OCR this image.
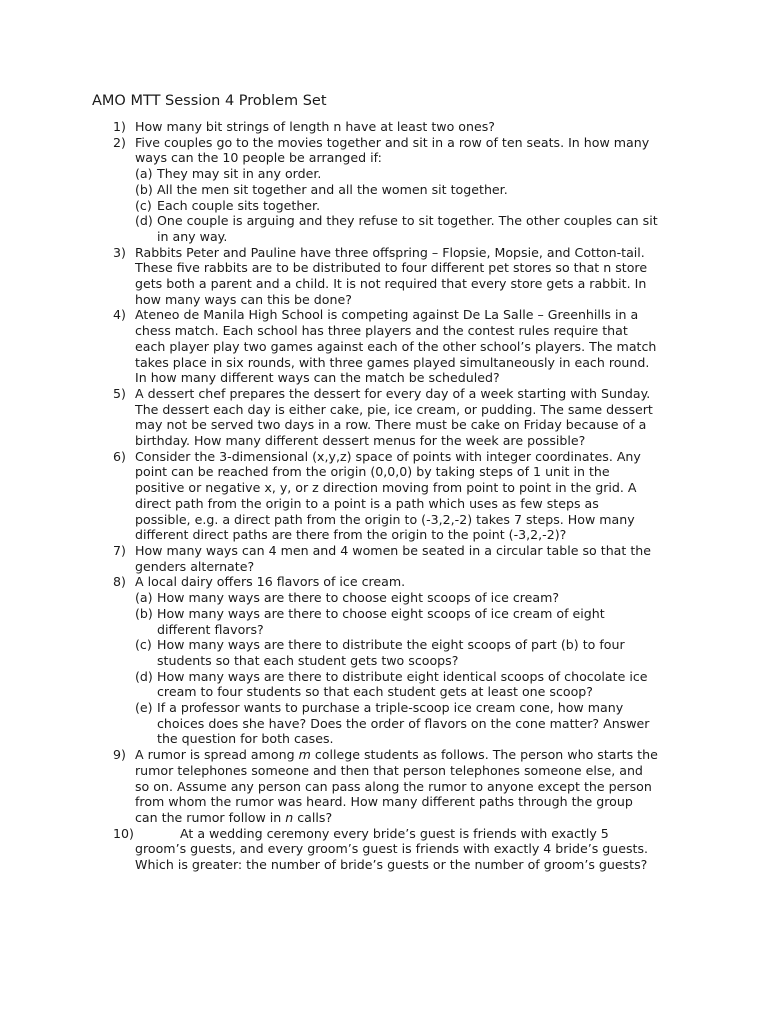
AMO MTT Session 4 Problem Set
1) How many bit strings of length n have at least two ones?
2) Five couples go to the movies together and sit in a row of ten seats. In how many ways can the 10 people be arranged if:
(a) They may sit in any order.
(b) All the men sit together and all the women sit together.
(c) Each couple sits together.
(d) One couple is arguing and they refuse to sit together. The other couples can sit in any way.
3) Rabbits Peter and Pauline have three offspring – Flopsie, Mopsie, and Cotton-tail. These five rabbits are to be distributed to four different pet stores so that n store gets both a parent and a child. It is not required that every store gets a rabbit. In how many ways can this be done?
4) Ateneo de Manila High School is competing against De La Salle – Greenhills in a chess match. Each school has three players and the contest rules require that each player play two games against each of the other school’s players. The match takes place in six rounds, with three games played simultaneously in each round. In how many different ways can the match be scheduled?
5) A dessert chef prepares the dessert for every day of a week starting with Sunday. The dessert each day is either cake, pie, ice cream, or pudding. The same dessert may not be served two days in a row. There must be cake on Friday because of a birthday. How many different dessert menus for the week are possible?
6) Consider the 3-dimensional (x,y,z) space of points with integer coordinates. Any point can be reached from the origin (0,0,0) by taking steps of 1 unit in the positive or negative x, y, or z direction moving from point to point in the grid. A direct path from the origin to a point is a path which uses as few steps as possible, e.g. a direct path from the origin to (-3,2,-2) takes 7 steps. How many different direct paths are there from the origin to the point (-3,2,-2)?
7) How many ways can 4 men and 4 women be seated in a circular table so that the genders alternate?
8) A local dairy offers 16 flavors of ice cream.
(a) How many ways are there to choose eight scoops of ice cream?
(b) How many ways are there to choose eight scoops of ice cream of eight different flavors?
(c) How many ways are there to distribute the eight scoops of part (b) to four students so that each student gets two scoops?
(d) How many ways are there to distribute eight identical scoops of chocolate ice cream to four students so that each student gets at least one scoop?
(e) If a professor wants to purchase a triple-scoop ice cream cone, how many choices does she have? Does the order of flavors on the cone matter? Answer the question for both cases.
9) A rumor is spread among m college students as follows. The person who starts the rumor telephones someone and then that person telephones someone else, and so on. Assume any person can pass along the rumor to anyone except the person from whom the rumor was heard. How many different paths through the group can the rumor follow in n calls?
10)	At a wedding ceremony every bride’s guest is friends with exactly 5 groom’s guests, and every groom’s guest is friends with exactly 4 bride’s guests. Which is greater: the number of bride’s guests or the number of groom’s guests?
